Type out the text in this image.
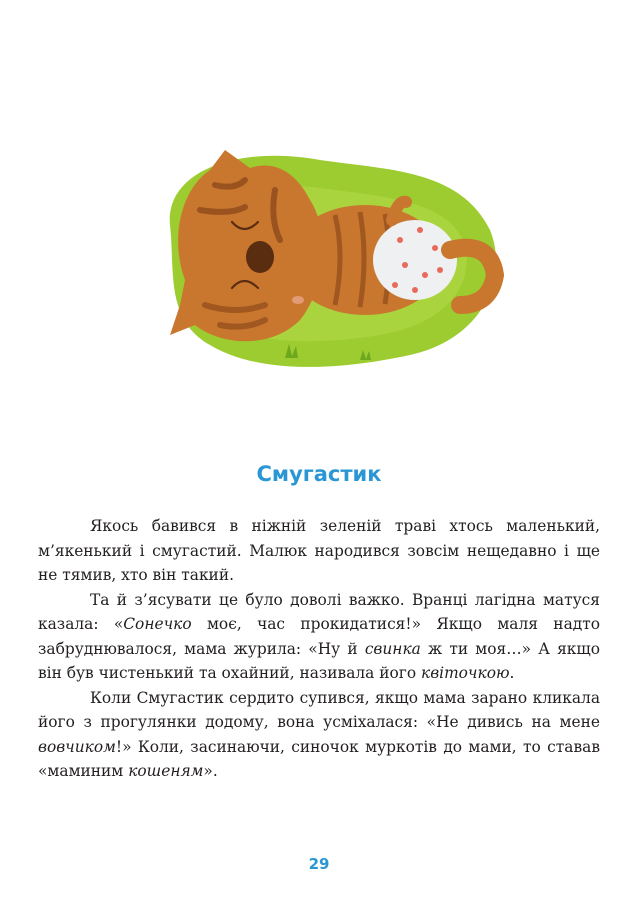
Смугастик

Якось бавився в ніжній зеленій траві хтось маленький, м’якенький і смугастий. Малюк народився зовсім нещедавно і ще не тямив, хто він такий.

Та й з’ясувати це було доволі важко. Вранці лагідна матуся казала: «Сонечко моє, час прокидатися!» Якщо маля надто забруднювалося, мама журила: «Ну й свинка ж ти моя…» А якщо він був чистенький та охайний, називала його квіточкою.

Коли Смугастик сердито супився, якщо мама зарано кликала його з прогулянки додому, вона усміхалася: «Не дивись на мене вовчиком!» Коли, засинаючи, синочок муркотів до мами, то ставав «маминим кошеням».

29
